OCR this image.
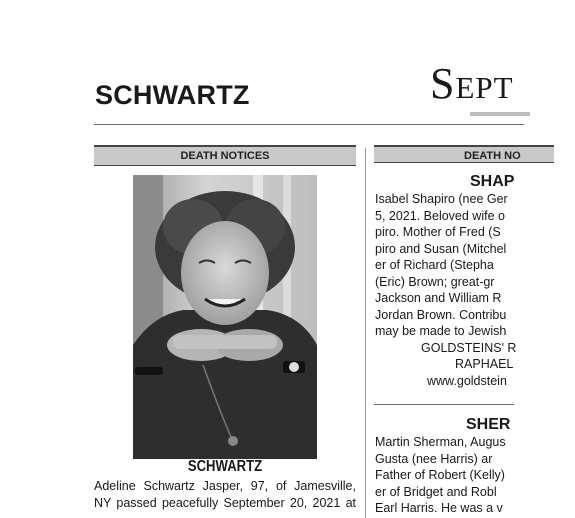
SCHWARTZ	Sept
DEATH NOTICES	DEATH NO
SCHWARTZ
Adeline Schwartz Jasper, 97, of Jamesville,
NY passed peacefully September 20, 2021 at
SHAP
Isabel Shapiro (nee Ger
5, 2021. Beloved wife o
piro. Mother of Fred (S
piro and Susan (Mitchel
er of Richard (Stepha
(Eric) Brown; great-gr
Jackson and William R
Jordan Brown. Contribu
may be made to Jewish
GOLDSTEINS' R
RAPHAEL
www.goldstein
SHER
Martin Sherman, Augus
Gusta (nee Harris) ar
Father of Robert (Kelly)
er of Bridget and Robl
Earl Harris. He was a v
